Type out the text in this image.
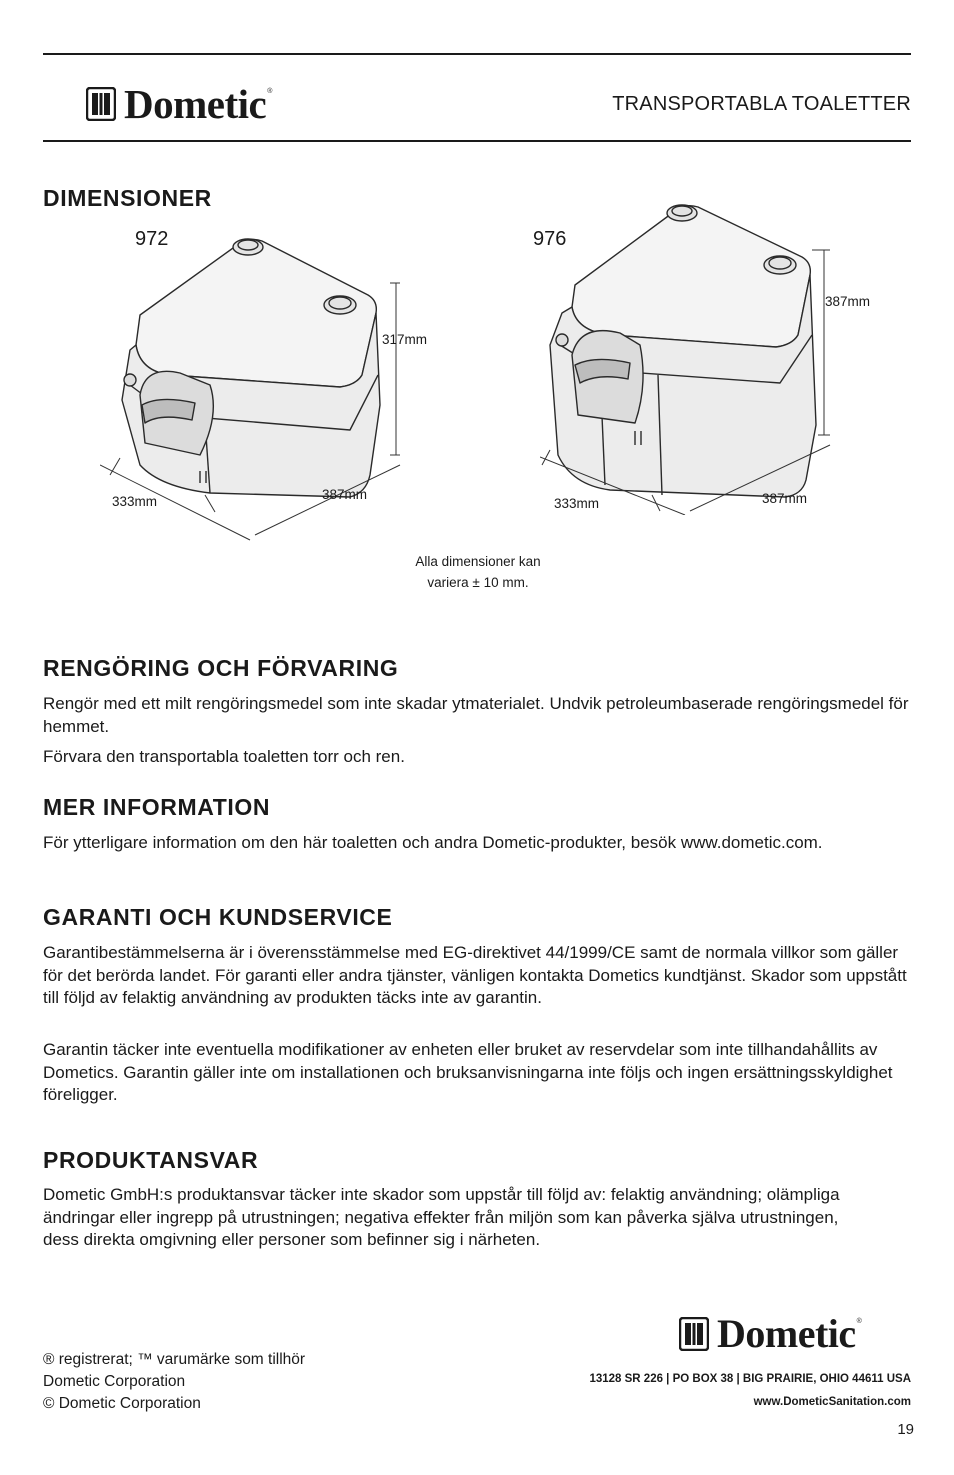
Dometic ®
TRANSPORTABLA TOALETTER
DIMENSIONER
972	976
317mm
333mm	387mm
387mm
333mm	387mm
Alla dimensioner kan
variera ± 10 mm.
RENGÖRING OCH FÖRVARING

Rengör med ett milt rengöringsmedel som inte skadar ytmaterialet. Undvik petroleumbaserade rengöringsmedel för hemmet.

Förvara den transportabla toaletten torr och ren.

MER INFORMATION

För ytterligare information om den här toaletten och andra Dometic-produkter, besök www.dometic.com.

GARANTI OCH KUNDSERVICE

Garantibestämmelserna är i överensstämmelse med EG-direktivet 44/1999/CE samt de normala villkor som gäller för det berörda landet. För garanti eller andra tjänster, vänligen kontakta Dometics kundtjänst. Skador som uppstått till följd av felaktig användning av produkten täcks inte av garantin.

Garantin täcker inte eventuella modifikationer av enheten eller bruket av reservdelar som inte tillhandahållits av Dometics. Garantin gäller inte om installationen och bruksanvisningarna inte följs och ingen ersättningsskyldighet föreligger.

PRODUKTANSVAR

Dometic GmbH:s produktansvar täcker inte skador som uppstår till följd av: felaktig användning; olämpliga ändringar eller ingrepp på utrustningen; negativa effekter från miljön som kan påverka själva utrustningen, dess direkta omgivning eller personer som befinner sig i närheten.

® registrerat; ™ varumärke som tillhör
Dometic Corporation
© Dometic Corporation
Dometic ®
13128 SR 226 | PO BOX 38 | BIG PRAIRIE, OHIO 44611 USA
www.DometicSanitation.com
19
